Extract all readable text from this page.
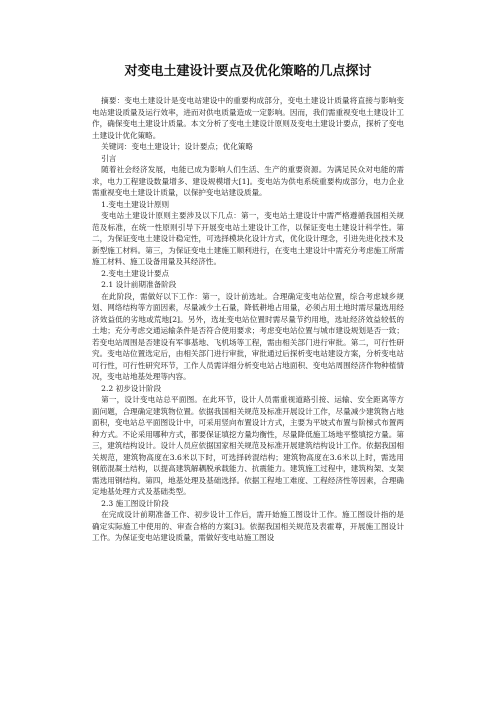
对变电土建设计要点及优化策略的几点探讨

摘要：变电土建设计是变电站建设中的重要构成部分，变电土建设计质量将直接与影响变电站建设质量及运行效率，进而对供电质量造成一定影响。因而，我们需重视变电土建设计工作，确保变电土建设计质量。本文分析了变电土建设计原则及变电土建设计要点，探析了变电土建设计优化策略。

关键词：变电土建设计；设计要点；优化策略

引言

随着社会经济发展，电能已成为影响人们生活、生产的重要资源。为满足民众对电能的需求，电力工程建设数量增多、建设规模增大[1]。变电站为供电系统重要构成部分，电力企业需重视变电土建设计质量，以保护变电站建设质量。

1.变电土建设计原则

变电站土建设计原则主要涉及以下几点：第一，变电站土建设计中需严格遵循我国相关规范及标准，在统一性原则引导下开展变电站土建设计工作，以保证变电土建设计科学性。第二，为保证变电土建设计稳定性，可选择模块化设计方式，优化设计理念，引进先进化技术及新型施工材料。第三，为保证变电土建施工顺利进行，在变电土建设计中需充分考虑施工所需施工材料、施工设备用量及其经济性。

2.变电土建设计要点

2.1 设计前期准备阶段

在此阶段，需做好以下工作：第一，设计前选址。合理确定变电站位置，综合考虑城乡规划、网络结构等方面因素，尽量减少土石量，降低耕地占用量，必须占用土地时需尽量选用经济效益低的劣地或荒地[2]。另外，选址变电站位置时需尽量节约用地，选址经济效益较低的土地；充分考虑交通运输条件是否符合使用要求；考虑变电站位置与城市建设规划是否一致；若变电站周围是否建设有军事基地、飞机场等工程，需由相关部门进行审批。第二，可行性研究。变电站位置选定后，由相关部门进行审批，审批通过后探析变电站建设方案，分析变电站可行性，可行性研究环节，工作人员需详细分析变电站占地面积、变电站周围经济作物种植情况，变电站地基处理等内容。

2.2 初步设计阶段

第一，设计变电站总平面图。在此环节，设计人员需重视道路引接、运输、安全距离等方面问题，合理确定建筑物位置。依据我国相关规范及标准开展设计工作，尽量减少建筑物占地面积，变电站总平面图设计中，可采用竖向布置设计方式，主要为平坡式布置与阶梯式布置两种方式。不论采用哪种方式，都要保证填挖方量均衡性，尽量降低施工场地平整填挖方量。第三，建筑结构设计。设计人员应依据国家相关规范及标准开展建筑结构设计工作。依据我国相关规范，建筑物高度在3.6米以下时，可选择砖混结构；建筑物高度在3.6米以上时，需选用钢筋混凝土结构，以提高建筑解耦脱承载能力、抗震能力。建筑施工过程中，建筑构架、支架需选用钢结构。第四，地基处理及基础选择。依据工程地工难度、工程经济性等因素，合理确定地基处理方式及基础类型。

2.3 施工图设计阶段

在完成设计前期准备工作、初步设计工作后，需开始施工图设计工作。施工图设计指的是确定实际施工中使用的、审查合格的方案[3]。依据我国相关规范及表霍尊，开展施工图设计工作。为保证变电站建设质量，需做好变电站施工图设
